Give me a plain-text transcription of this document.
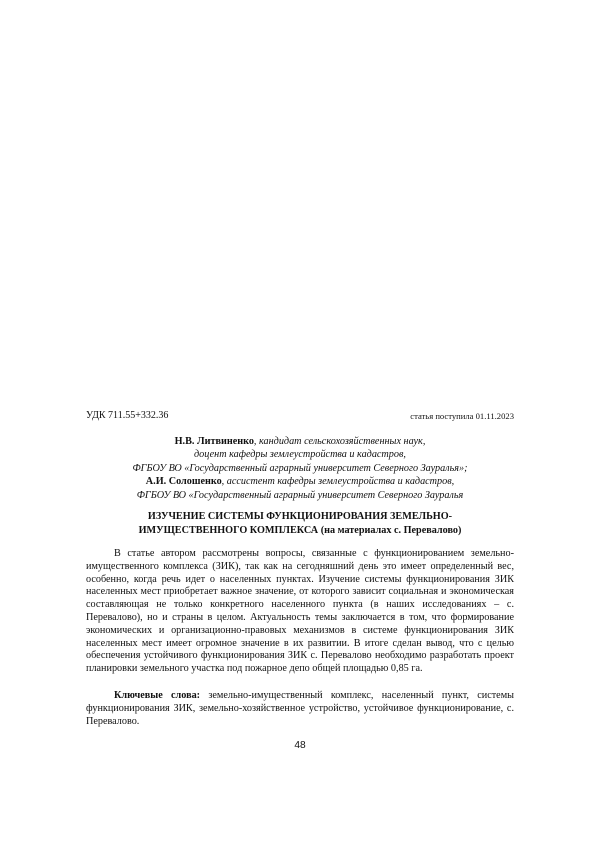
УДК 711.55+332.36	статья поступила 01.11.2023
Н.В. Литвиненко, кандидат сельскохозяйственных наук,
доцент кафедры землеустройства и кадастров,
ФГБОУ ВО «Государственный аграрный университет Северного Зауралья»;
А.И. Солошенко, ассистент кафедры землеустройства и кадастров,
ФГБОУ ВО «Государственный аграрный университет Северного Зауралья
ИЗУЧЕНИЕ СИСТЕМЫ ФУНКЦИОНИРОВАНИЯ ЗЕМЕЛЬНО-
ИМУЩЕСТВЕННОГО КОМПЛЕКСА (на материалах с. Перевалово)

В статье автором рассмотрены вопросы, связанные с функционированием земельно-имущественного комплекса (ЗИК), так как на сегодняшний день это имеет определенный вес, особенно, когда речь идет о населенных пунктах. Изучение системы функционирования ЗИК населенных мест приобретает важное значение, от которого зависит социальная и экономическая составляющая не только конкретного населенного пункта (в наших исследованиях – с. Перевалово), но и страны в целом. Актуальность темы заключается в том, что формирование экономических и организационно-правовых механизмов в системе функционирования ЗИК населенных мест имеет огромное значение в их развитии. В итоге сделан вывод, что с целью обеспечения устойчивого функционирования ЗИК с. Перевалово необходимо разработать проект планировки земельного участка под пожарное депо общей площадью 0,85 га.

Ключевые слова: земельно-имущественный комплекс, населенный пункт, системы функционирования ЗИК, земельно-хозяйственное устройство, устойчивое функционирование, с. Перевалово.

48
